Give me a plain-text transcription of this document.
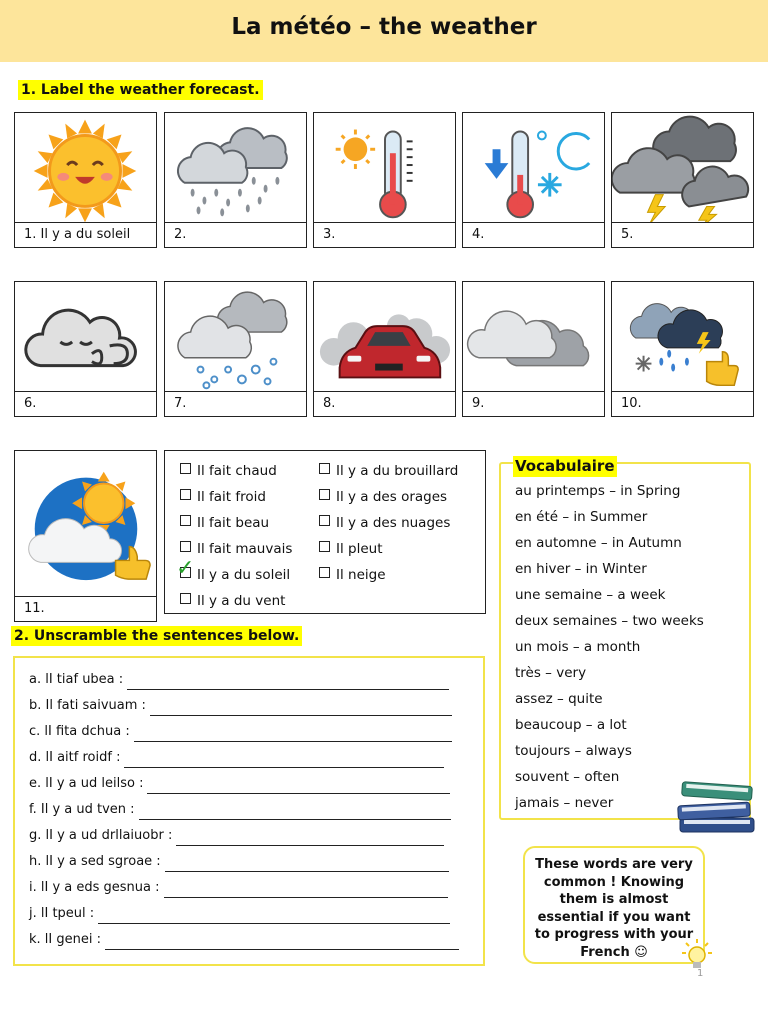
La météo – the weather
1. Label the weather forecast.
1. Il y a du soleil	2.	3.	4.	5.
6.	7.	8.	9.	10.
11.
Il fait chaud
Il fait froid
Il fait beau
Il fait mauvais
✓ Il y a du soleil
Il y a du vent
Il y a du brouillard
Il y a des orages
Il y a des nuages
Il pleut
Il neige
2. Unscramble the sentences below.
a. lI tiaf ubea :
b. Il fati saivuam :
c. lI fita dchua :
d. lI aitf roidf :
e. lI y a ud leilso :
f. Il y a ud tven :
g. lI y a ud drllaiuobr :
h. lI y a sed sgroae :
i. lI y a eds gesnua :
j. lI tpeul :
k. lI genei :
Vocabulaire
au printemps – in Spring
en été – in Summer
en automne – in Autumn
en hiver – in Winter
une semaine – a week
deux semaines – two weeks
un mois – a month
très – very
assez – quite
beaucoup – a lot
toujours – always
souvent – often
jamais – never
These words are very
common ! Knowing
them is almost
essential if you want
to progress with your
French ☺
1
